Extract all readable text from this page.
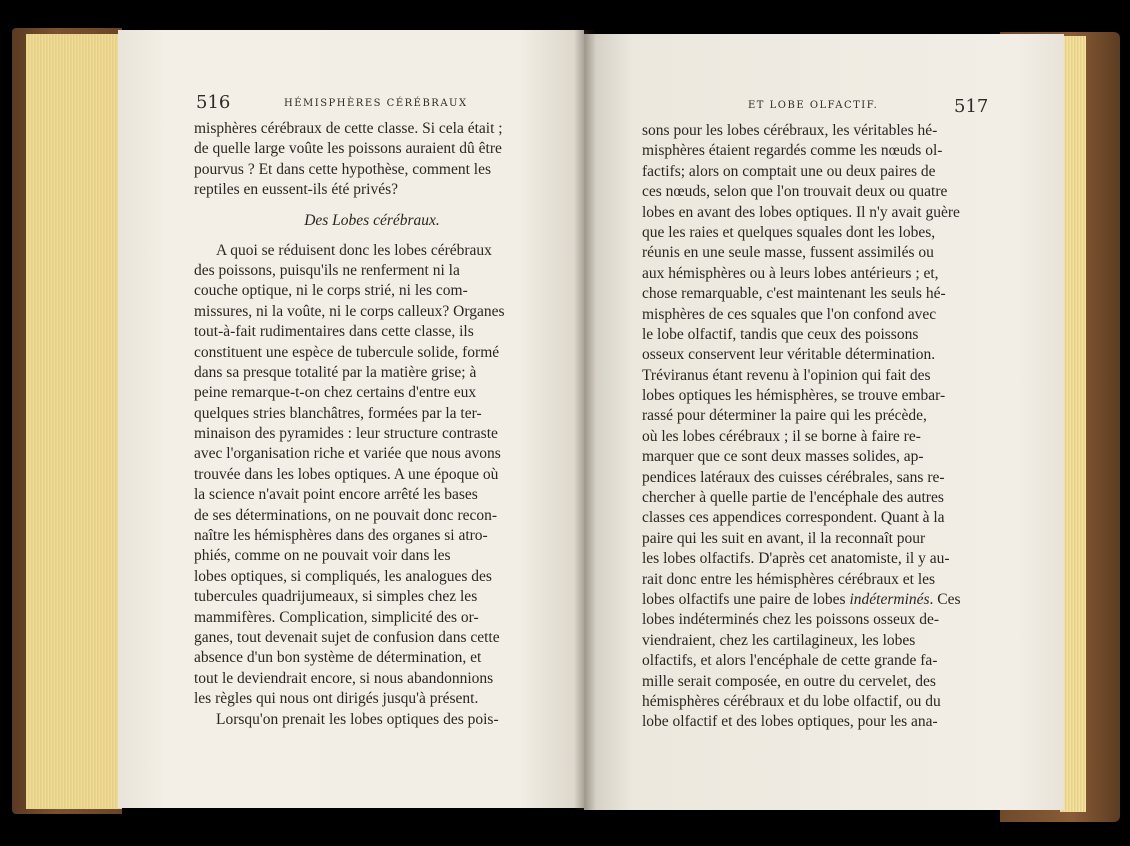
516	HÉMISPHÈRES CÉRÉBRAUX	ET LOBE OLFACTIF.	517
misphères cérébraux de cette classe. Si cela était ;
de quelle large voûte les poissons auraient dû être
pourvus ? Et dans cette hypothèse, comment les
reptiles en eussent-ils été privés?
Des Lobes cérébraux.
A quoi se réduisent donc les lobes cérébraux
des poissons, puisqu'ils ne renferment ni la
couche optique, ni le corps strié, ni les com-
missures, ni la voûte, ni le corps calleux? Organes
tout-à-fait rudimentaires dans cette classe, ils
constituent une espèce de tubercule solide, formé
dans sa presque totalité par la matière grise; à
peine remarque-t-on chez certains d'entre eux
quelques stries blanchâtres, formées par la ter-
minaison des pyramides : leur structure contraste
avec l'organisation riche et variée que nous avons
trouvée dans les lobes optiques. A une époque où
la science n'avait point encore arrêté les bases
de ses déterminations, on ne pouvait donc recon-
naître les hémisphères dans des organes si atro-
phiés, comme on ne pouvait voir dans les
lobes optiques, si compliqués, les analogues des
tubercules quadrijumeaux, si simples chez les
mammifères. Complication, simplicité des or-
ganes, tout devenait sujet de confusion dans cette
absence d'un bon système de détermination, et
tout le deviendrait encore, si nous abandonnions
les règles qui nous ont dirigés jusqu'à présent.
Lorsqu'on prenait les lobes optiques des pois-
sons pour les lobes cérébraux, les véritables hé-
misphères étaient regardés comme les nœuds ol-
factifs; alors on comptait une ou deux paires de
ces nœuds, selon que l'on trouvait deux ou quatre
lobes en avant des lobes optiques. Il n'y avait guère
que les raies et quelques squales dont les lobes,
réunis en une seule masse, fussent assimilés ou
aux hémisphères ou à leurs lobes antérieurs ; et,
chose remarquable, c'est maintenant les seuls hé-
misphères de ces squales que l'on confond avec
le lobe olfactif, tandis que ceux des poissons
osseux conservent leur véritable détermination.
Tréviranus étant revenu à l'opinion qui fait des
lobes optiques les hémisphères, se trouve embar-
rassé pour déterminer la paire qui les précède,
où les lobes cérébraux ; il se borne à faire re-
marquer que ce sont deux masses solides, ap-
pendices latéraux des cuisses cérébrales, sans re-
chercher à quelle partie de l'encéphale des autres
classes ces appendices correspondent. Quant à la
paire qui les suit en avant, il la reconnaît pour
les lobes olfactifs. D'après cet anatomiste, il y au-
rait donc entre les hémisphères cérébraux et les
lobes olfactifs une paire de lobes indéterminés. Ces
lobes indéterminés chez les poissons osseux de-
viendraient, chez les cartilagineux, les lobes
olfactifs, et alors l'encéphale de cette grande fa-
mille serait composée, en outre du cervelet, des
hémisphères cérébraux et du lobe olfactif, ou du
lobe olfactif et des lobes optiques, pour les ana-
